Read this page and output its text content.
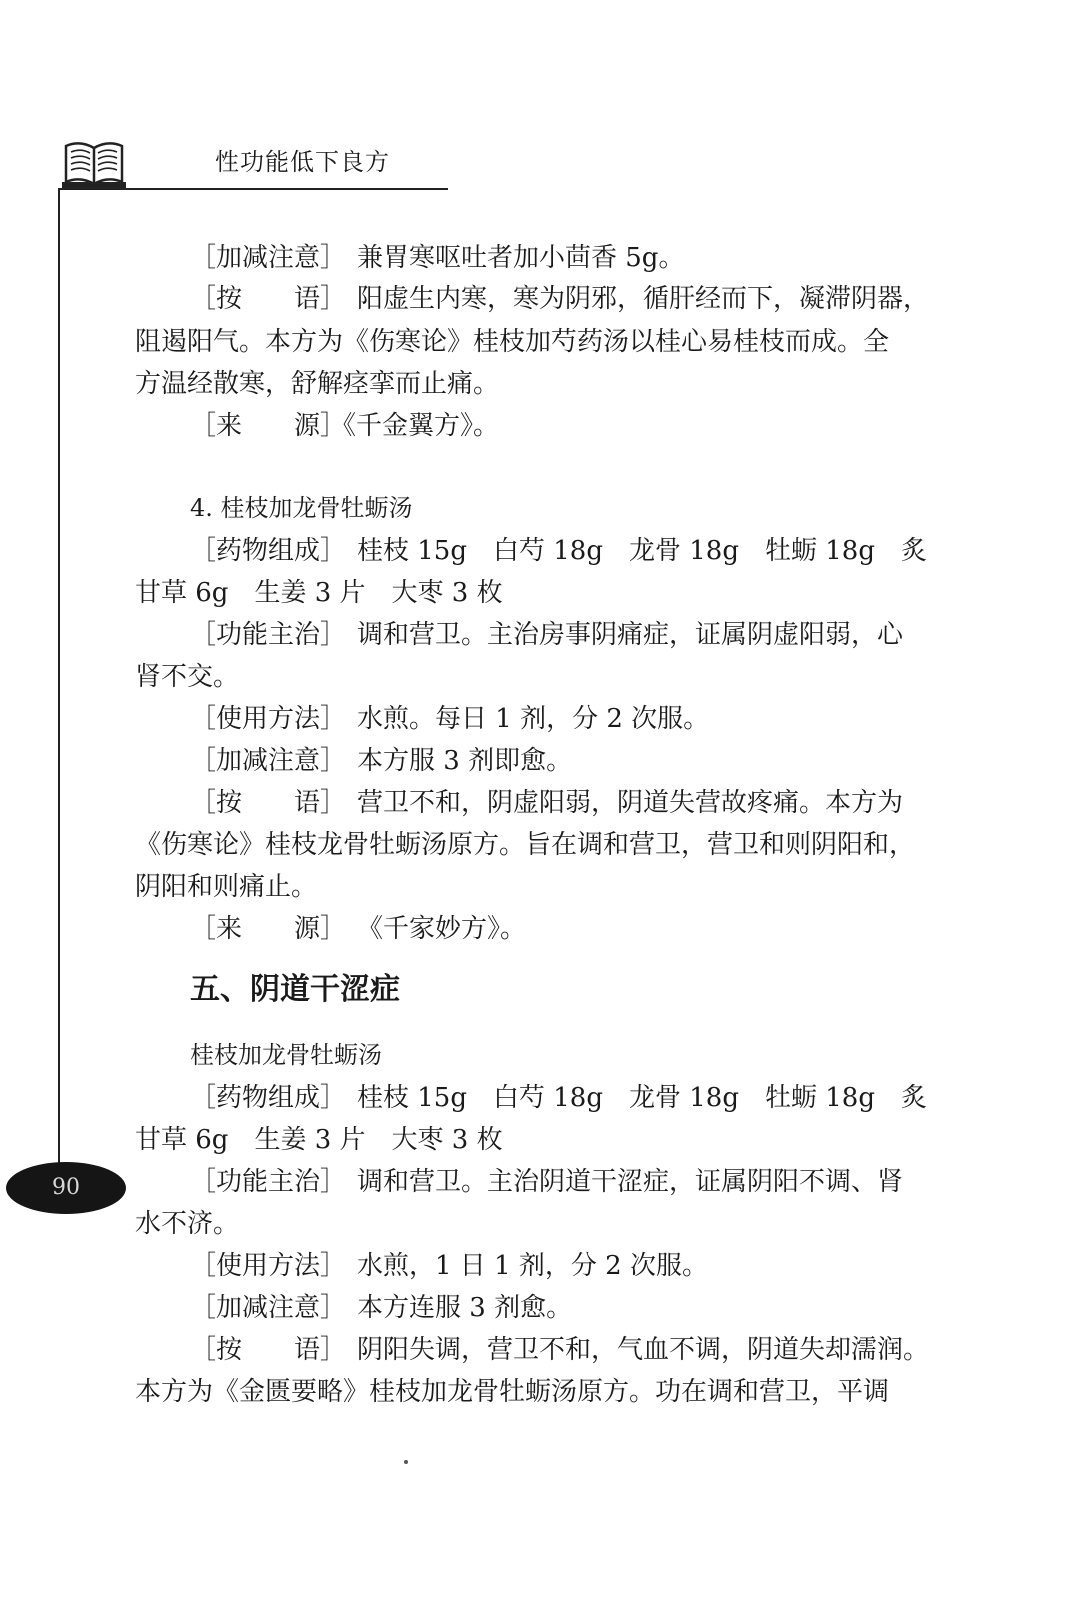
性功能低下良方
［加减注意］ 兼胃寒呕吐者加小茴香 5g。
［按　　语］ 阳虚生内寒，寒为阴邪，循肝经而下，凝滞阴器，
阻遏阳气。本方为《伤寒论》桂枝加芍药汤以桂心易桂枝而成。全
方温经散寒，舒解痉挛而止痛。
［来　　源］《千金翼方》。
4. 桂枝加龙骨牡蛎汤
［药物组成］ 桂枝 15g　白芍 18g　龙骨 18g　牡蛎 18g　炙
甘草 6g　生姜 3 片　大枣 3 枚
［功能主治］ 调和营卫。主治房事阴痛症，证属阴虚阳弱，心
肾不交。
［使用方法］ 水煎。每日 1 剂，分 2 次服。
［加减注意］ 本方服 3 剂即愈。
［按　　语］ 营卫不和，阴虚阳弱，阴道失营故疼痛。本方为
《伤寒论》桂枝龙骨牡蛎汤原方。旨在调和营卫，营卫和则阴阳和，
阴阳和则痛止。
［来　　源］ 《千家妙方》。
五、阴道干涩症
桂枝加龙骨牡蛎汤
［药物组成］ 桂枝 15g　白芍 18g　龙骨 18g　牡蛎 18g　炙
甘草 6g　生姜 3 片　大枣 3 枚
［功能主治］ 调和营卫。主治阴道干涩症，证属阴阳不调、肾
水不济。
［使用方法］ 水煎，1 日 1 剂，分 2 次服。
［加减注意］ 本方连服 3 剂愈。
［按　　语］ 阴阳失调，营卫不和，气血不调，阴道失却濡润。
本方为《金匮要略》桂枝加龙骨牡蛎汤原方。功在调和营卫，平调
90
